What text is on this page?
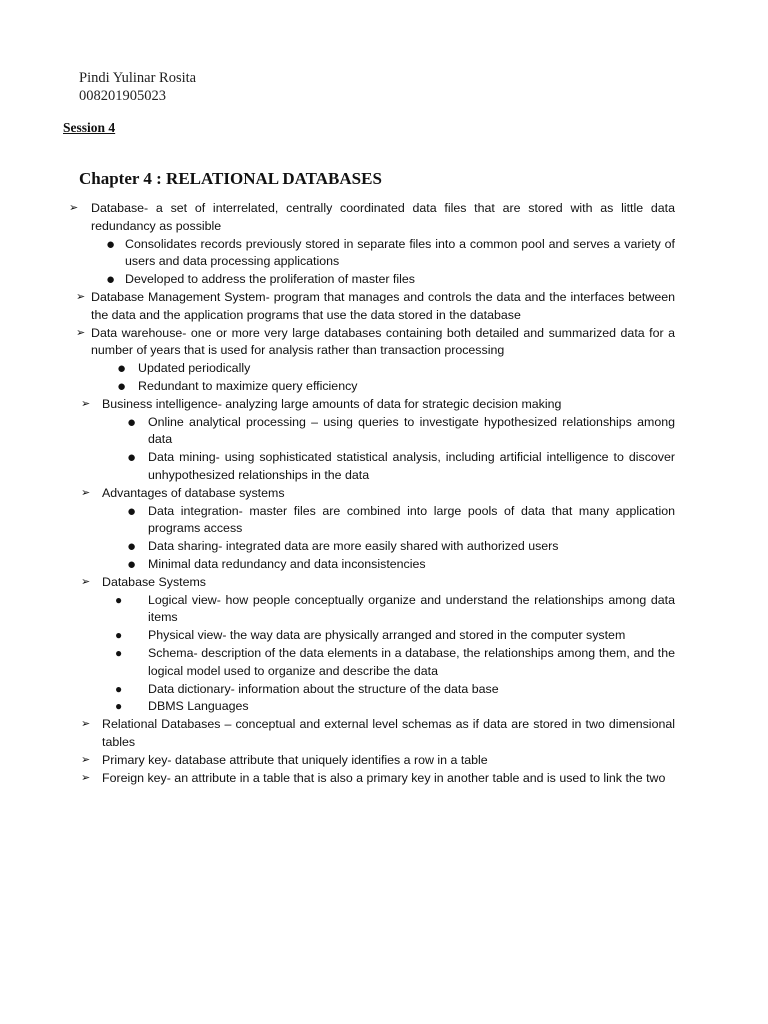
Pindi Yulinar Rosita
008201905023
Session 4
Chapter 4 : RELATIONAL DATABASES
➢ Database- a set of interrelated, centrally coordinated data files that are stored with as little data redundancy as possible
● Consolidates records previously stored in separate files into a common pool and serves a variety of users and data processing applications
● Developed to address the proliferation of master files
➢ Database Management System- program that manages and controls the data and the interfaces between the data and the application programs that use the data stored in the database
➢ Data warehouse- one or more very large databases containing both detailed and summarized data for a number of years that is used for analysis rather than transaction processing
● Updated periodically
● Redundant to maximize query efficiency
➢ Business intelligence- analyzing large amounts of data for strategic decision making
● Online analytical processing – using queries to investigate hypothesized relationships among data
● Data mining- using sophisticated statistical analysis, including artificial intelligence to discover unhypothesized relationships in the data
➢ Advantages of database systems
● Data integration- master files are combined into large pools of data that many application programs access
● Data sharing- integrated data are more easily shared with authorized users
● Minimal data redundancy and data inconsistencies
➢ Database Systems
● Logical view- how people conceptually organize and understand the relationships among data items
● Physical view- the way data are physically arranged and stored in the computer system
● Schema- description of the data elements in a database, the relationships among them, and the logical model used to organize and describe the data
● Data dictionary- information about the structure of the data base
● DBMS Languages
➢ Relational Databases – conceptual and external level schemas as if data are stored in two dimensional tables
➢ Primary key- database attribute that uniquely identifies a row in a table
➢ Foreign key- an attribute in a table that is also a primary key in another table and is used to link the two
